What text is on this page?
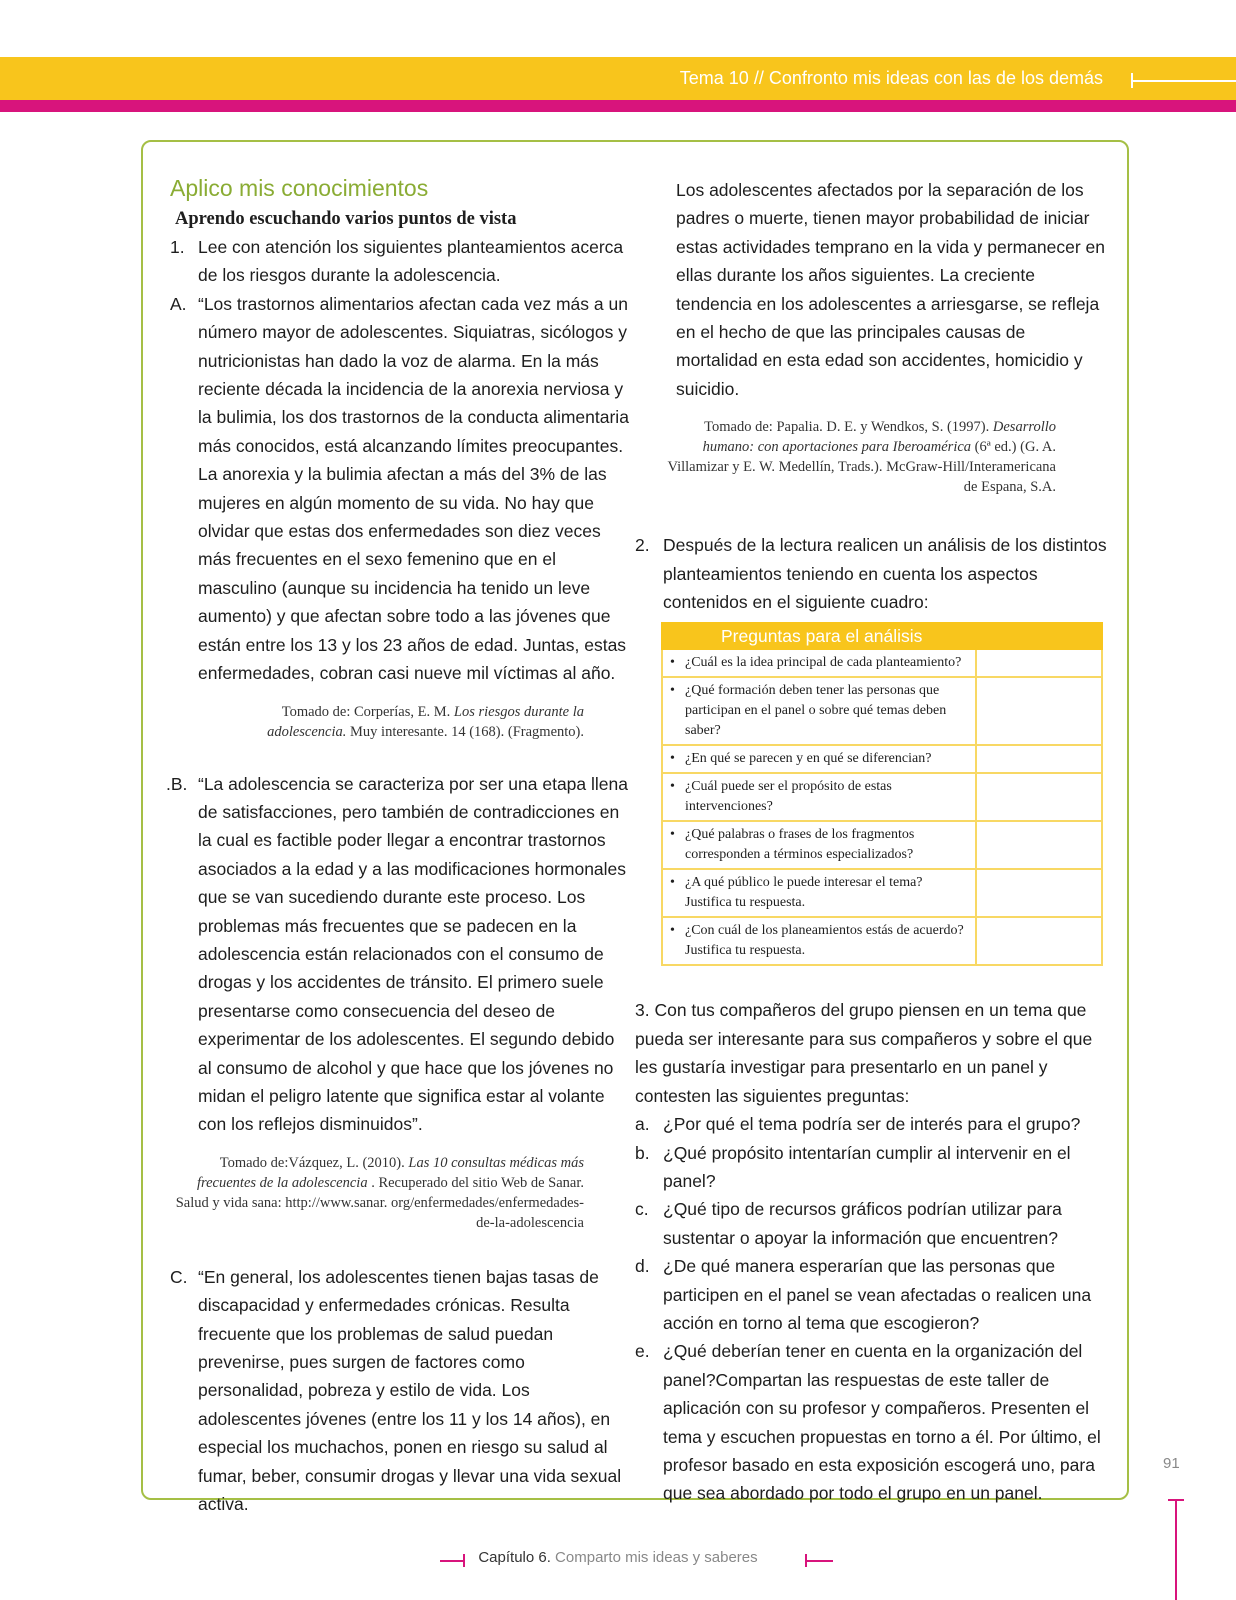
Tema 10 // Confronto mis ideas con las de los demás
Aplico mis conocimientos
Aprendo escuchando varios puntos de vista
1. Lee con atención los siguientes planteamientos acerca de los riesgos durante la adolescencia.
A. “Los trastornos alimentarios afectan cada vez más a un número mayor de adolescentes. Siquiatras, sicólogos y nutricionistas han dado la voz de alarma. En la más reciente década la incidencia de la anorexia nerviosa y la bulimia, los dos trastornos de la conducta alimentaria más conocidos, está alcanzando límites preocupantes. La anorexia y la bulimia afectan a más del 3% de las mujeres en algún momento de su vida. No hay que olvidar que estas dos enfermedades son diez veces más frecuentes en el sexo femenino que en el masculino (aunque su incidencia ha tenido un leve aumento) y que afectan sobre todo a las jóvenes que están entre los 13 y los 23 años de edad. Juntas, estas enfermedades, cobran casi nueve mil víctimas al año.
Tomado de: Corperías, E. M. Los riesgos durante la adolescencia. Muy interesante. 14 (168). (Fragmento).
.B. “La adolescencia se caracteriza por ser una etapa llena de satisfacciones, pero también de contradicciones en la cual es factible poder llegar a encontrar trastornos asociados a la edad y a las modificaciones hormonales que se van sucediendo durante este proceso. Los problemas más frecuentes que se padecen en la adolescencia están relacionados con el consumo de drogas y los accidentes de tránsito. El primero suele presentarse como consecuencia del deseo de experimentar de los adolescentes. El segundo debido al consumo de alcohol y que hace que los jóvenes no midan el peligro latente que significa estar al volante con los reflejos disminuidos”.
Tomado de:Vázquez, L. (2010). Las 10 consultas médicas más frecuentes de la adolescencia . Recuperado del sitio Web de Sanar. Salud y vida sana: http://www.sanar. org/enfermedades/enfermedades-de-la-adolescencia
C. “En general, los adolescentes tienen bajas tasas de discapacidad y enfermedades crónicas. Resulta frecuente que los problemas de salud puedan prevenirse, pues surgen de factores como personalidad, pobreza y estilo de vida. Los adolescentes jóvenes (entre los 11 y los 14 años), en especial los muchachos, ponen en riesgo su salud al fumar, beber, consumir drogas y llevar una vida sexual activa.
Los adolescentes afectados por la separación de los padres o muerte, tienen mayor probabilidad de iniciar estas actividades temprano en la vida y permanecer en ellas durante los años siguientes. La creciente tendencia en los adolescentes a arriesgarse, se refleja en el hecho de que las principales causas de mortalidad en esta edad son accidentes, homicidio y suicidio.
Tomado de: Papalia. D. E. y Wendkos, S. (1997). Desarrollo humano: con aportaciones para Iberoamérica (6ª ed.) (G. A. Villamizar y E. W. Medellín, Trads.). McGraw-Hill/Interamericana de Espana, S.A.
2. Después de la lectura realicen un análisis de los distintos planteamientos teniendo en cuenta los aspectos contenidos en el siguiente cuadro:
Preguntas para el análisis	

• ¿Cuál es la idea principal de cada planteamiento?	

• ¿Qué formación deben tener las personas que participan en el panel o sobre qué temas deben saber?	

• ¿En qué se parecen y en qué se diferencian?	

• ¿Cuál puede ser el propósito de estas intervenciones?	

• ¿Qué palabras o frases de los fragmentos corresponden a términos especializados?	

• ¿A qué público le puede interesar el tema? Justifica tu respuesta.	

• ¿Con cuál de los planeamientos estás de acuerdo? Justifica tu respuesta.	
3. Con tus compañeros del grupo piensen en un tema que pueda ser interesante para sus compañeros y sobre el que les gustaría investigar para presentarlo en un panel y contesten las siguientes preguntas:
a. ¿Por qué el tema podría ser de interés para el grupo?
b. ¿Qué propósito intentarían cumplir al intervenir en el panel?
c. ¿Qué tipo de recursos gráficos podrían utilizar para sustentar o apoyar la información que encuentren?
d. ¿De qué manera esperarían que las personas que participen en el panel se vean afectadas o realicen una acción en torno al tema que escogieron?
e. ¿Qué deberían tener en cuenta en la organización del panel?Compartan las respuestas de este taller de aplicación con su profesor y compañeros. Presenten el tema y escuchen propuestas en torno a él. Por último, el profesor basado en esta exposición escogerá uno, para que sea abordado por todo el grupo en un panel.
91
Capítulo 6. Comparto mis ideas y saberes
